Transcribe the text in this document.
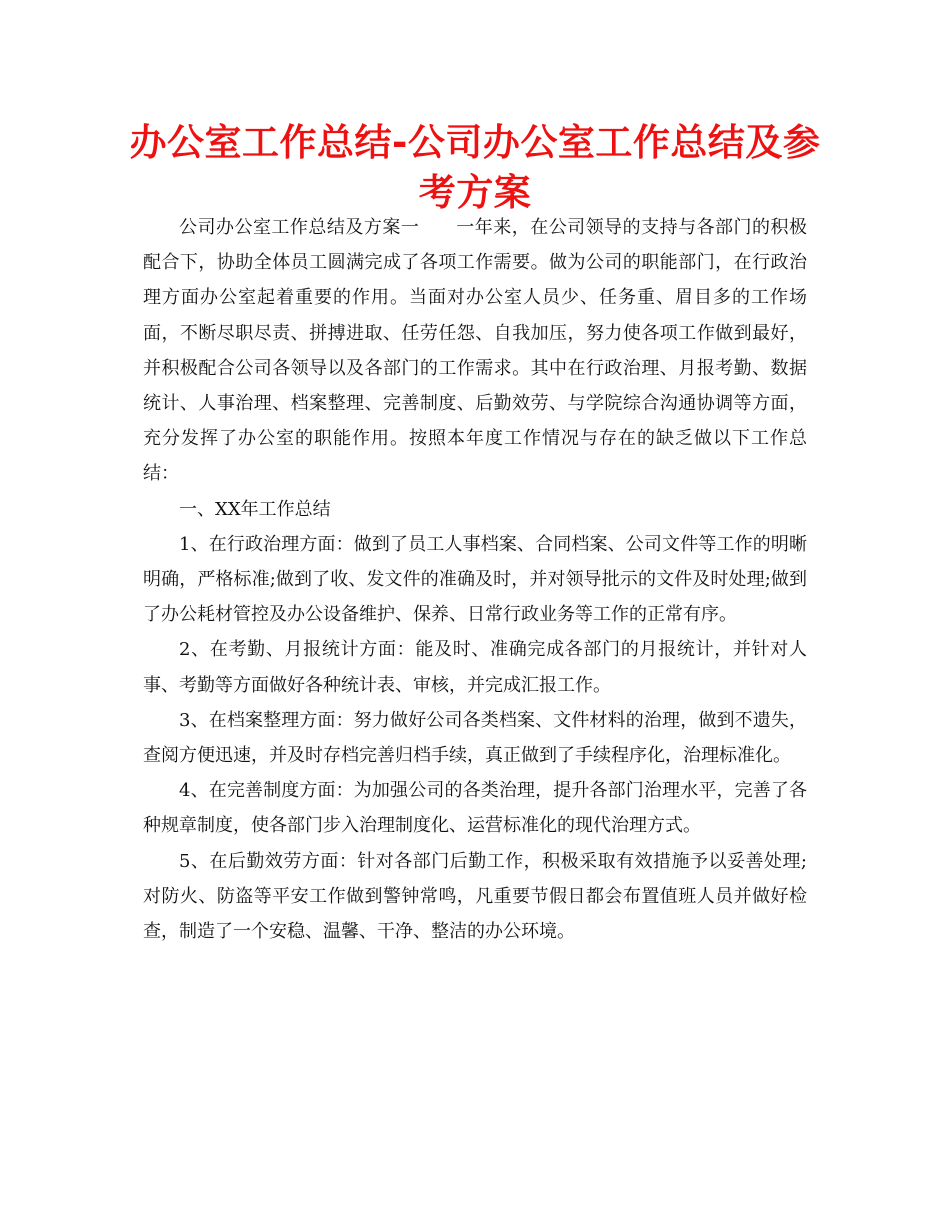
办公室工作总结-公司办公室工作总结及参考方案

公司办公室工作总结及方案一　　一年来，在公司领导的支持与各部门的积极配合下，协助全体员工圆满完成了各项工作需要。做为公司的职能部门，在行政治理方面办公室起着重要的作用。当面对办公室人员少、任务重、眉目多的工作场面，不断尽职尽责、拼搏进取、任劳任怨、自我加压，努力使各项工作做到最好，并积极配合公司各领导以及各部门的工作需求。其中在行政治理、月报考勤、数据统计、人事治理、档案整理、完善制度、后勤效劳、与学院综合沟通协调等方面，充分发挥了办公室的职能作用。按照本年度工作情况与存在的缺乏做以下工作总结：

一、XX年工作总结

1、在行政治理方面：做到了员工人事档案、合同档案、公司文件等工作的明晰明确，严格标准;做到了收、发文件的准确及时，并对领导批示的文件及时处理;做到了办公耗材管控及办公设备维护、保养、日常行政业务等工作的正常有序。

2、在考勤、月报统计方面：能及时、准确完成各部门的月报统计，并针对人事、考勤等方面做好各种统计表、审核，并完成汇报工作。

3、在档案整理方面：努力做好公司各类档案、文件材料的治理，做到不遗失，查阅方便迅速，并及时存档完善归档手续，真正做到了手续程序化，治理标准化。

4、在完善制度方面：为加强公司的各类治理，提升各部门治理水平，完善了各种规章制度，使各部门步入治理制度化、运营标准化的现代治理方式。

5、在后勤效劳方面：针对各部门后勤工作，积极采取有效措施予以妥善处理;对防火、防盗等平安工作做到警钟常鸣，凡重要节假日都会布置值班人员并做好检查，制造了一个安稳、温馨、干净、整洁的办公环境。
